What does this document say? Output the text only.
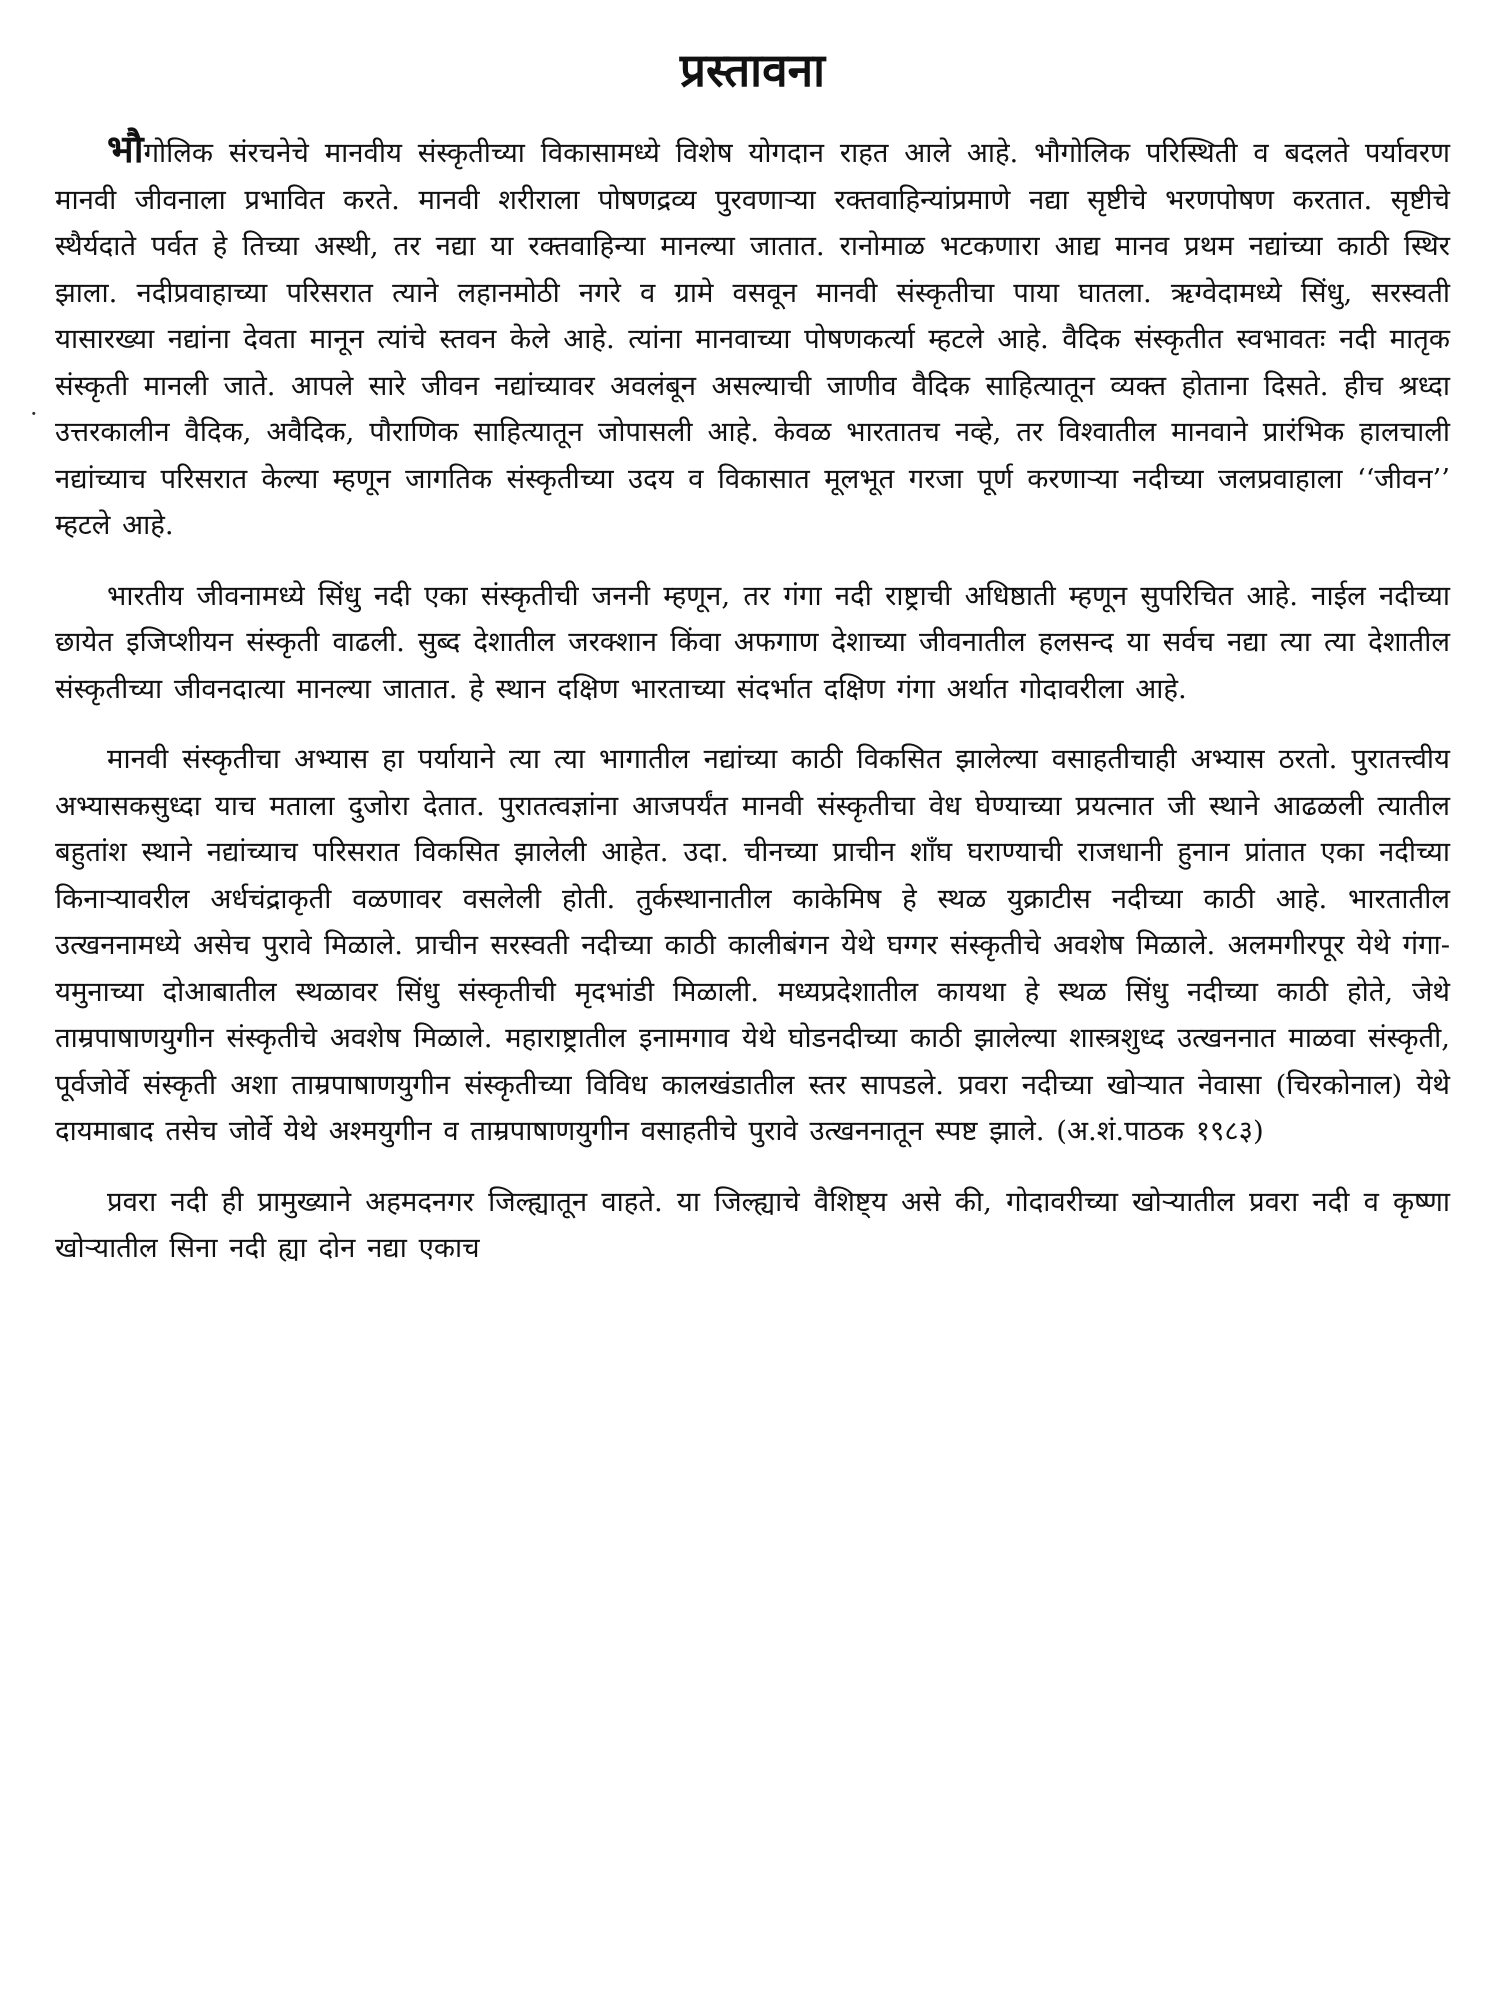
·
प्रस्तावना

भौगोलिक संरचनेचे मानवीय संस्कृतीच्या विकासामध्ये विशेष योगदान राहत आले आहे. भौगोलिक परिस्थिती व बदलते पर्यावरण मानवी जीवनाला प्रभावित करते. मानवी शरीराला पोषणद्रव्य पुरवणाऱ्या रक्तवाहिन्यांप्रमाणे नद्या सृष्टीचे भरणपोषण करतात. सृष्टीचे स्थैर्यदाते पर्वत हे तिच्या अस्थी, तर नद्या या रक्तवाहिन्या मानल्या जातात. रानोमाळ भटकणारा आद्य मानव प्रथम नद्यांच्या काठी स्थिर झाला. नदीप्रवाहाच्या परिसरात त्याने लहानमोठी नगरे व ग्रामे वसवून मानवी संस्कृतीचा पाया घातला. ऋग्वेदामध्ये सिंधु, सरस्वती यासारख्या नद्यांना देवता मानून त्यांचे स्तवन केले आहे. त्यांना मानवाच्या पोषणकर्त्या म्हटले आहे. वैदिक संस्कृतीत स्वभावतः नदी मातृक संस्कृती मानली जाते. आपले सारे जीवन नद्यांच्यावर अवलंबून असल्याची जाणीव वैदिक साहित्यातून व्यक्त होताना दिसते. हीच श्रध्दा उत्तरकालीन वैदिक, अवैदिक, पौराणिक साहित्यातून जोपासली आहे. केवळ भारतातच नव्हे, तर विश्वातील मानवाने प्रारंभिक हालचाली नद्यांच्याच परिसरात केल्या म्हणून जागतिक संस्कृतीच्या उदय व विकासात मूलभूत गरजा पूर्ण करणाऱ्या नदीच्या जलप्रवाहाला ‘‘जीवन’’ म्हटले आहे.

भारतीय जीवनामध्ये सिंधु नदी एका संस्कृतीची जननी म्हणून, तर गंगा नदी राष्ट्राची अधिष्ठाती म्हणून सुपरिचित आहे. नाईल नदीच्या छायेत इजिप्शीयन संस्कृती वाढली. सुब्द देशातील जरक्शान किंवा अफगाण देशाच्या जीवनातील हलसन्द या सर्वच नद्या त्या त्या देशातील संस्कृतीच्या जीवनदात्या मानल्या जातात. हे स्थान दक्षिण भारताच्या संदर्भात दक्षिण गंगा अर्थात गोदावरीला आहे.

मानवी संस्कृतीचा अभ्यास हा पर्यायाने त्या त्या भागातील नद्यांच्या काठी विकसित झालेल्या वसाहतीचाही अभ्यास ठरतो. पुरातत्त्वीय अभ्यासकसुध्दा याच मताला दुजोरा देतात. पुरातत्वज्ञांना आजपर्यंत मानवी संस्कृतीचा वेध घेण्याच्या प्रयत्नात जी स्थाने आढळली त्यातील बहुतांश स्थाने नद्यांच्याच परिसरात विकसित झालेली आहेत. उदा. चीनच्या प्राचीन शाँघ घराण्याची राजधानी हुनान प्रांतात एका नदीच्या किनाऱ्यावरील अर्धचंद्राकृती वळणावर वसलेली होती. तुर्कस्थानातील काकेमिष हे स्थळ युक्राटीस नदीच्या काठी आहे. भारतातील उत्खननामध्ये असेच पुरावे मिळाले. प्राचीन सरस्वती नदीच्या काठी कालीबंगन येथे घग्गर संस्कृतीचे अवशेष मिळाले. अलमगीरपूर येथे गंगा-यमुनाच्या दोआबातील स्थळावर सिंधु संस्कृतीची मृदभांडी मिळाली. मध्यप्रदेशातील कायथा हे स्थळ सिंधु नदीच्या काठी होते, जेथे ताम्रपाषाणयुगीन संस्कृतीचे अवशेष मिळाले. महाराष्ट्रातील इनामगाव येथे घोडनदीच्या काठी झालेल्या शास्त्रशुध्द उत्खननात माळवा संस्कृती, पूर्वजोर्वे संस्कृती अशा ताम्रपाषाणयुगीन संस्कृतीच्या विविध कालखंडातील स्तर सापडले. प्रवरा नदीच्या खोऱ्यात नेवासा (चिरकोनाल) येथे दायमाबाद तसेच जोर्वे येथे अश्मयुगीन व ताम्रपाषाणयुगीन वसाहतीचे पुरावे उत्खननातून स्पष्ट झाले. (अ.शं.पाठक १९८३)

प्रवरा नदी ही प्रामुख्याने अहमदनगर जिल्ह्यातून वाहते. या जिल्ह्याचे वैशिष्ट्य असे की, गोदावरीच्या खोऱ्यातील प्रवरा नदी व कृष्णा खोऱ्यातील सिना नदी ह्या दोन नद्या एकाच
